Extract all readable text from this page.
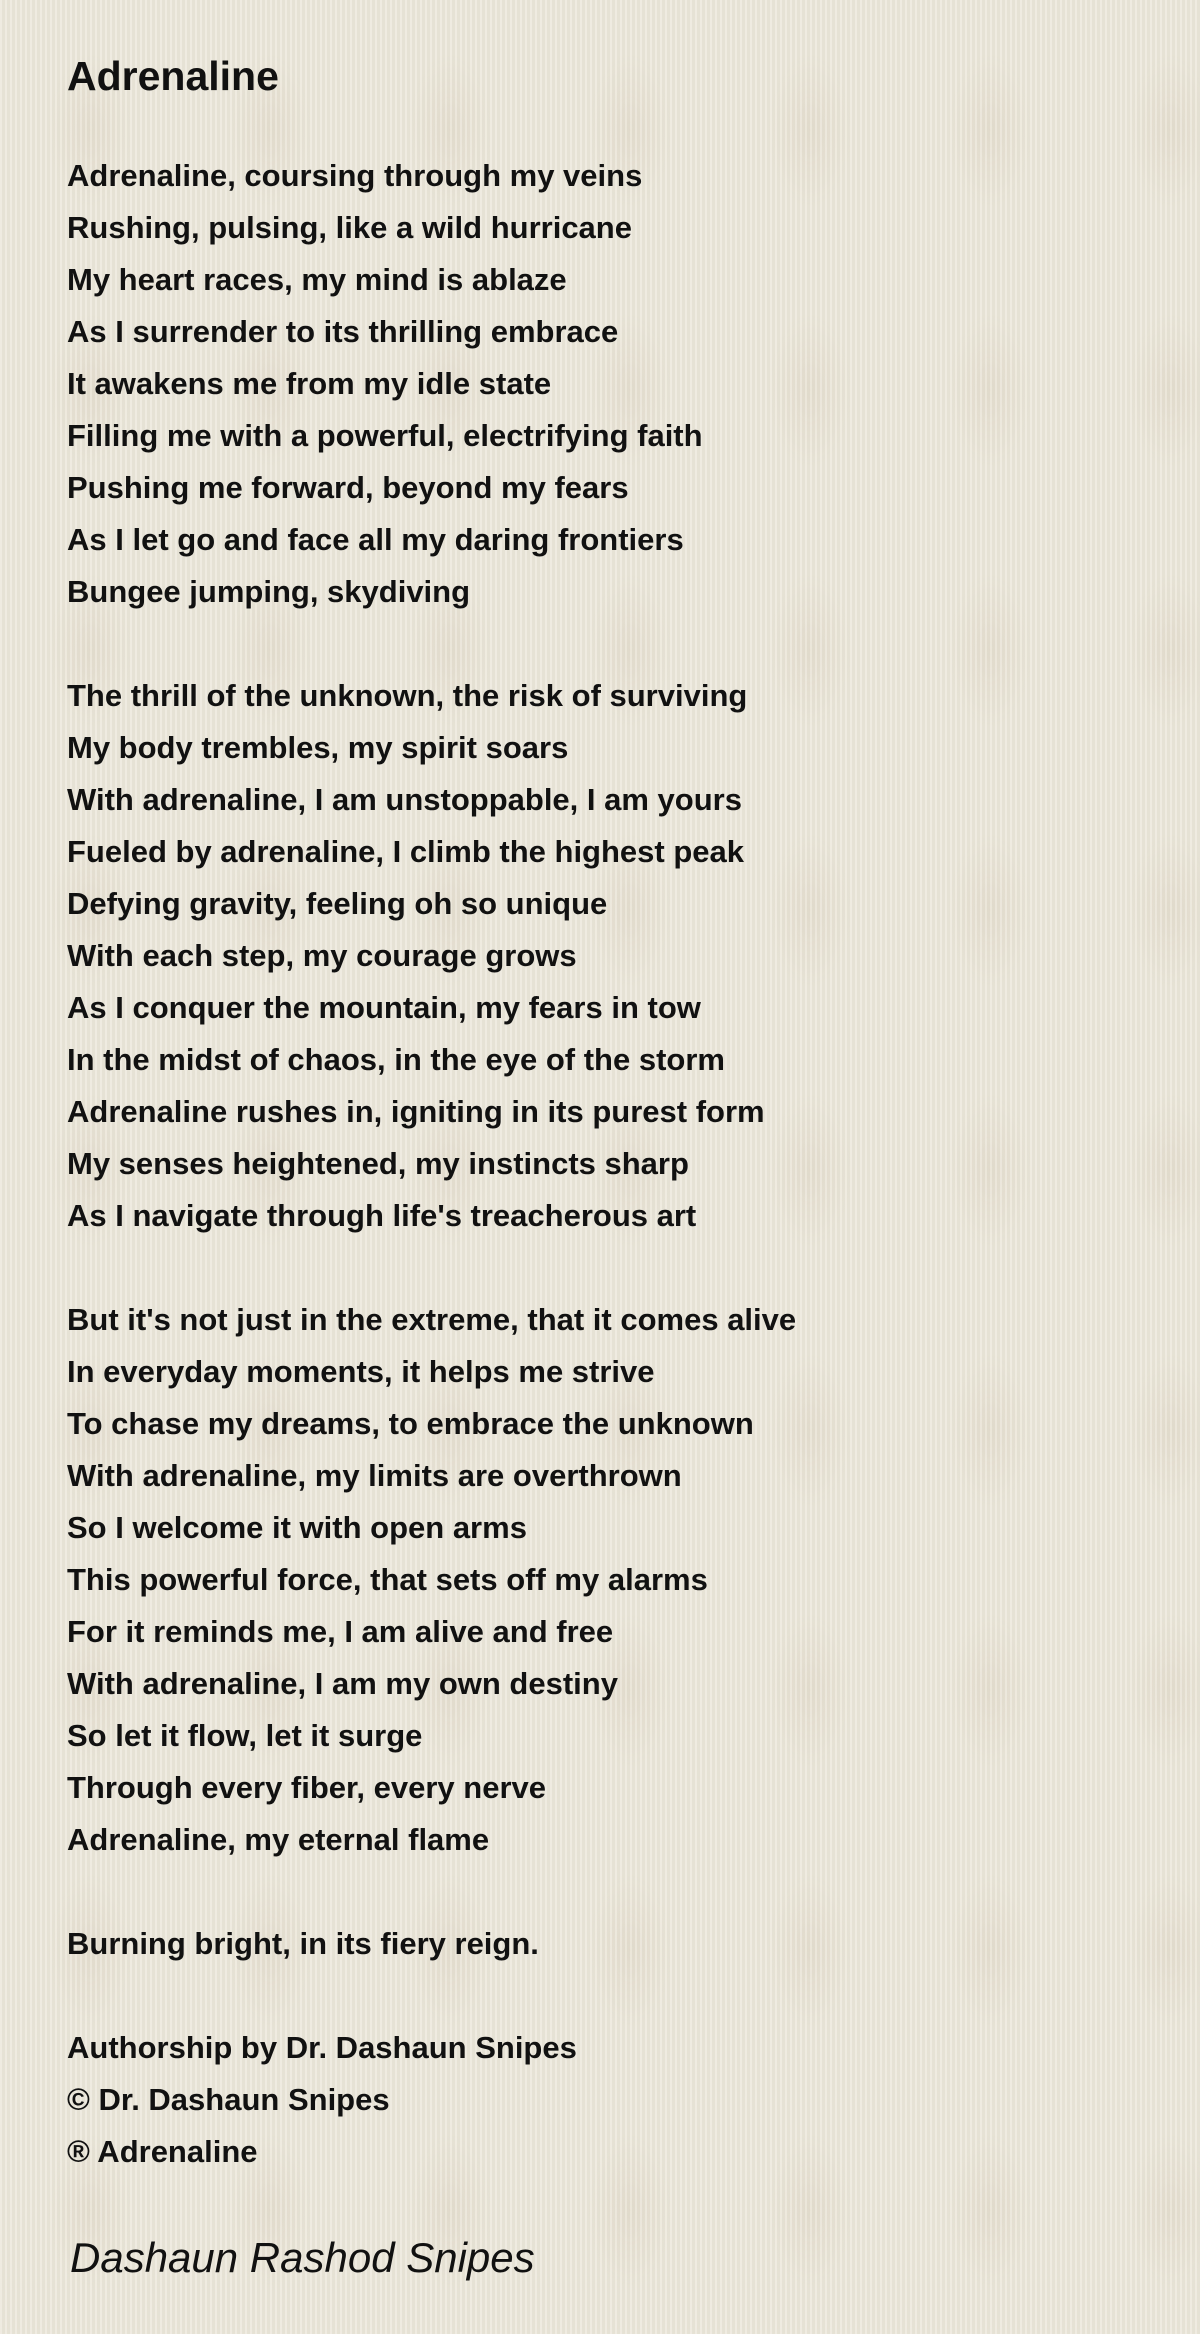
Adrenaline
Adrenaline, coursing through my veins
Rushing, pulsing, like a wild hurricane
My heart races, my mind is ablaze
As I surrender to its thrilling embrace
It awakens me from my idle state
Filling me with a powerful, electrifying faith
Pushing me forward, beyond my fears
As I let go and face all my daring frontiers
Bungee jumping, skydiving
The thrill of the unknown, the risk of surviving
My body trembles, my spirit soars
With adrenaline, I am unstoppable, I am yours
Fueled by adrenaline, I climb the highest peak
Defying gravity, feeling oh so unique
With each step, my courage grows
As I conquer the mountain, my fears in tow
In the midst of chaos, in the eye of the storm
Adrenaline rushes in, igniting in its purest form
My senses heightened, my instincts sharp
As I navigate through life's treacherous art
But it's not just in the extreme, that it comes alive
In everyday moments, it helps me strive
To chase my dreams, to embrace the unknown
With adrenaline, my limits are overthrown
So I welcome it with open arms
This powerful force, that sets off my alarms
For it reminds me, I am alive and free
With adrenaline, I am my own destiny
So let it flow, let it surge
Through every fiber, every nerve
Adrenaline, my eternal flame
Burning bright, in its fiery reign.
Authorship by Dr. Dashaun Snipes
© Dr. Dashaun Snipes
® Adrenaline
Dashaun Rashod Snipes
